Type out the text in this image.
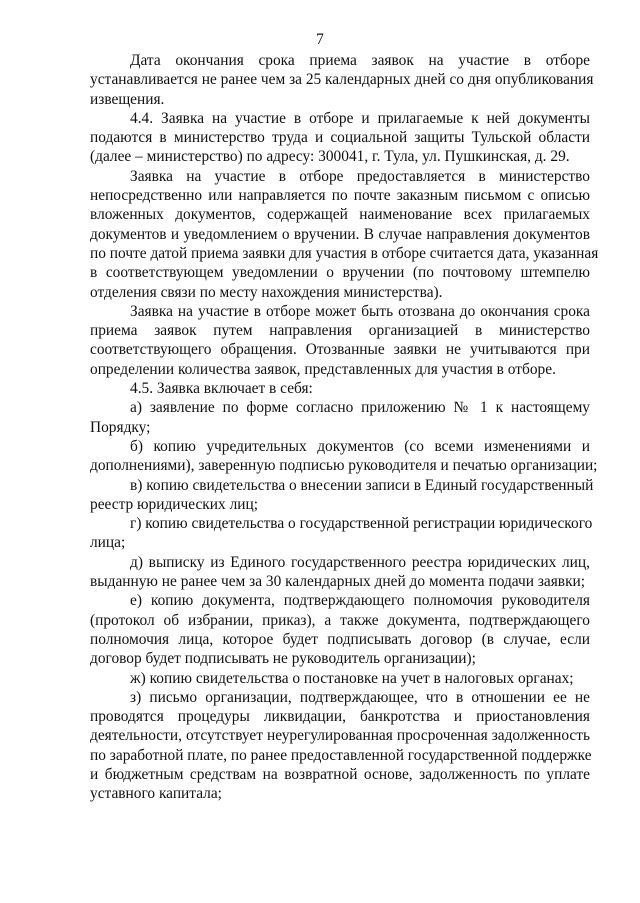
7
Дата окончания срока приема заявок на участие в отборе
устанавливается не ранее чем за 25 календарных дней со дня опубликования
извещения.
4.4. Заявка на участие в отборе и прилагаемые к ней документы
подаются в министерство труда и социальной защиты Тульской области
(далее – министерство) по адресу: 300041, г. Тула, ул. Пушкинская, д. 29.
Заявка на участие в отборе предоставляется в министерство
непосредственно или направляется по почте заказным письмом с описью
вложенных документов, содержащей наименование всех прилагаемых
документов и уведомлением о вручении. В случае направления документов
по почте датой приема заявки для участия в отборе считается дата, указанная
в соответствующем уведомлении о вручении (по почтовому штемпелю
отделения связи по месту нахождения министерства).
Заявка на участие в отборе может быть отозвана до окончания срока
приема заявок путем направления организацией в министерство
соответствующего обращения. Отозванные заявки не учитываются при
определении количества заявок, представленных для участия в отборе.
4.5. Заявка включает в себя:
а) заявление по форме согласно приложению № 1 к настоящему
Порядку;
б) копию учредительных документов (со всеми изменениями и
дополнениями), заверенную подписью руководителя и печатью организации;
в) копию свидетельства о внесении записи в Единый государственный
реестр юридических лиц;
г) копию свидетельства о государственной регистрации юридического
лица;
д) выписку из Единого государственного реестра юридических лиц,
выданную не ранее чем за 30 календарных дней до момента подачи заявки;
е) копию документа, подтверждающего полномочия руководителя
(протокол об избрании, приказ), а также документа, подтверждающего
полномочия лица, которое будет подписывать договор (в случае, если
договор будет подписывать не руководитель организации);
ж) копию свидетельства о постановке на учет в налоговых органах;
з) письмо организации, подтверждающее, что в отношении ее не
проводятся процедуры ликвидации, банкротства и приостановления
деятельности, отсутствует неурегулированная просроченная задолженность
по заработной плате, по ранее предоставленной государственной поддержке
и бюджетным средствам на возвратной основе, задолженность по уплате
уставного капитала;
